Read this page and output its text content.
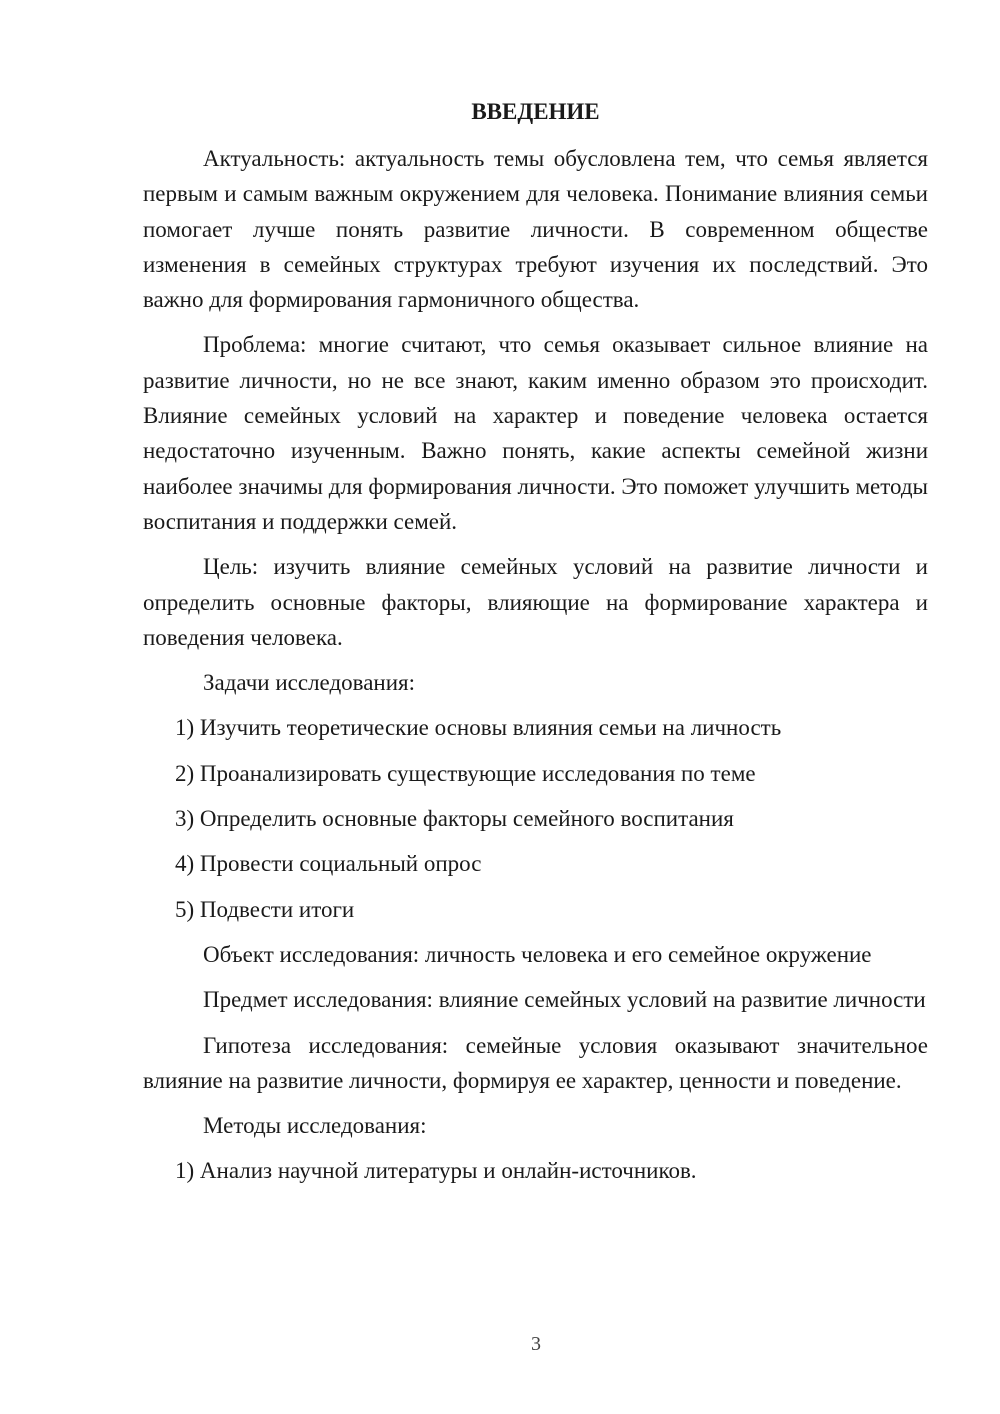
ВВЕДЕНИЕ
Актуальность: актуальность темы обусловлена тем, что семья является первым и самым важным окружением для человека. Понимание влияния семьи помогает лучше понять развитие личности. В современном обществе изменения в семейных структурах требуют изучения их последствий. Это важно для формирования гармоничного общества.
Проблема: многие считают, что семья оказывает сильное влияние на развитие личности, но не все знают, каким именно образом это происходит. Влияние семейных условий на характер и поведение человека остается недостаточно изученным. Важно понять, какие аспекты семейной жизни наиболее значимы для формирования личности. Это поможет улучшить методы воспитания и поддержки семей.
Цель: изучить влияние семейных условий на развитие личности и определить основные факторы, влияющие на формирование характера и поведения человека.
Задачи исследования:
1) Изучить теоретические основы влияния семьи на личность
2) Проанализировать существующие исследования по теме
3) Определить основные факторы семейного воспитания
4) Провести социальный опрос
5) Подвести итоги
Объект исследования: личность человека и его семейное окружение
Предмет исследования: влияние семейных условий на развитие личности
Гипотеза исследования: семейные условия оказывают значительное влияние на развитие личности, формируя ее характер, ценности и поведение.
Методы исследования:
1) Анализ научной литературы и онлайн-источников.
3
